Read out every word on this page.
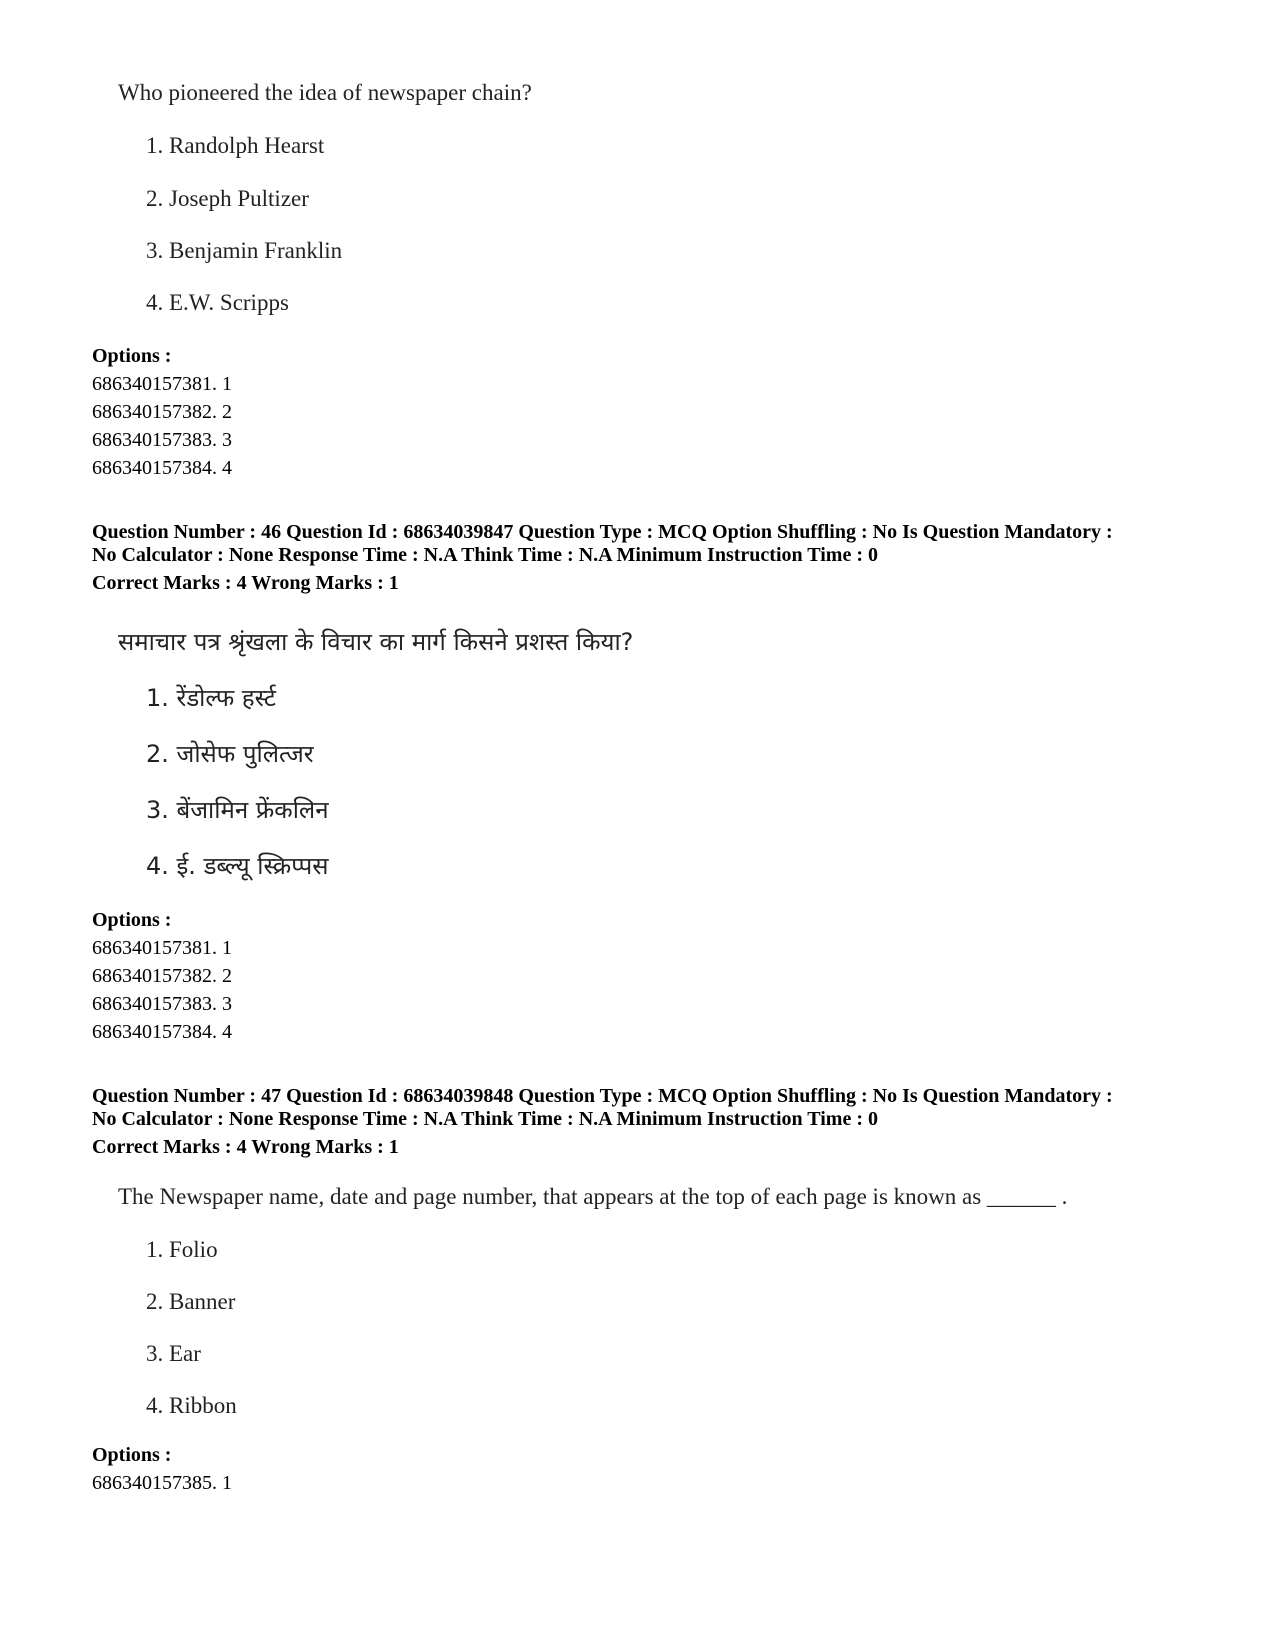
Who pioneered the idea of newspaper chain?
1. Randolph Hearst
2. Joseph Pultizer
3. Benjamin Franklin
4. E.W. Scripps
Options :
686340157381. 1
686340157382. 2
686340157383. 3
686340157384. 4
Question Number : 46 Question Id : 68634039847 Question Type : MCQ Option Shuffling : No Is Question Mandatory :
No Calculator : None Response Time : N.A Think Time : N.A Minimum Instruction Time : 0
Correct Marks : 4 Wrong Marks : 1
समाचार पत्र श्रृंखला के विचार का मार्ग किसने प्रशस्त किया?
1. रेंडोल्फ हर्स्ट
2. जोसेफ पुलित्जर
3. बेंजामिन फ्रेंकलिन
4. ई. डब्ल्यू स्क्रिप्पस
Options :
686340157381. 1
686340157382. 2
686340157383. 3
686340157384. 4
Question Number : 47 Question Id : 68634039848 Question Type : MCQ Option Shuffling : No Is Question Mandatory :
No Calculator : None Response Time : N.A Think Time : N.A Minimum Instruction Time : 0
Correct Marks : 4 Wrong Marks : 1
The Newspaper name, date and page number, that appears at the top of each page is known as ______ .
1. Folio
2. Banner
3. Ear
4. Ribbon
Options :
686340157385. 1
